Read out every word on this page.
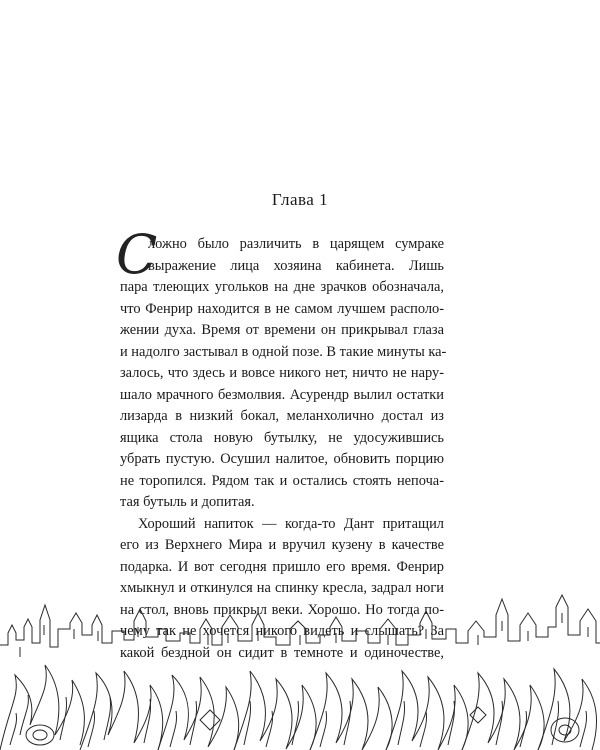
Глава 1
С
ложно было различить в царящем сумраке
выражение лица хозяина кабинета. Лишь
пара тлеющих угольков на дне зрачков обозначала,
что Фенрир находится в не самом лучшем располо-
жении духа. Время от времени он прикрывал глаза
и надолго застывал в одной позе. В такие минуты ка-
залось, что здесь и вовсе никого нет, ничто не нару-
шало мрачного безмолвия. Асурендр вылил остатки
лизарда в низкий бокал, меланхолично достал из
ящика стола новую бутылку, не удосужившись
убрать пустую. Осушил налитое, обновить порцию
не торопился. Рядом так и остались стоять непоча-
тая бутыль и допитая.
Хороший напиток — когда-то Дант притащил
его из Верхнего Мира и вручил кузену в качестве
подарка. И вот сегодня пришло его время. Фенрир
хмыкнул и откинулся на спинку кресла, задрал ноги
на стол, вновь прикрыл веки. Хорошо. Но тогда по-
чему так не хочется никого видеть и слышать? За
какой бездной он сидит в темноте и одиночестве,
